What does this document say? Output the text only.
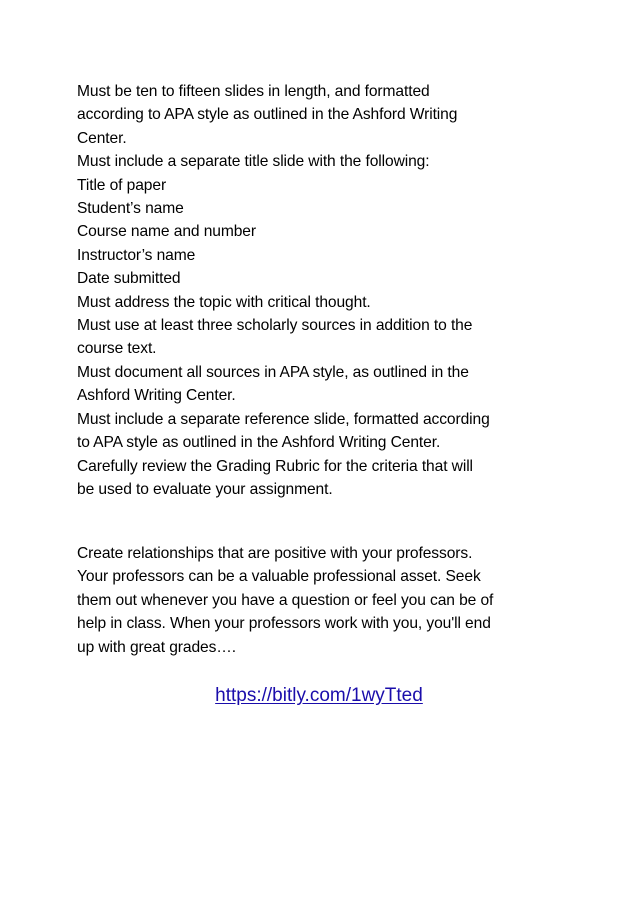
Must be ten to fifteen slides in length, and formatted
according to APA style as outlined in the Ashford Writing
Center.
Must include a separate title slide with the following:
Title of paper
Student’s name
Course name and number
Instructor’s name
Date submitted
Must address the topic with critical thought.
Must use at least three scholarly sources in addition to the
course text.
Must document all sources in APA style, as outlined in the
Ashford Writing Center.
Must include a separate reference slide, formatted according
to APA style as outlined in the Ashford Writing Center.
Carefully review the Grading Rubric for the criteria that will
be used to evaluate your assignment.
Create relationships that are positive with your professors.
Your professors can be a valuable professional asset. Seek
them out whenever you have a question or feel you can be of
help in class. When your professors work with you, you'll end
up with great grades….
https://bitly.com/1wyTted
